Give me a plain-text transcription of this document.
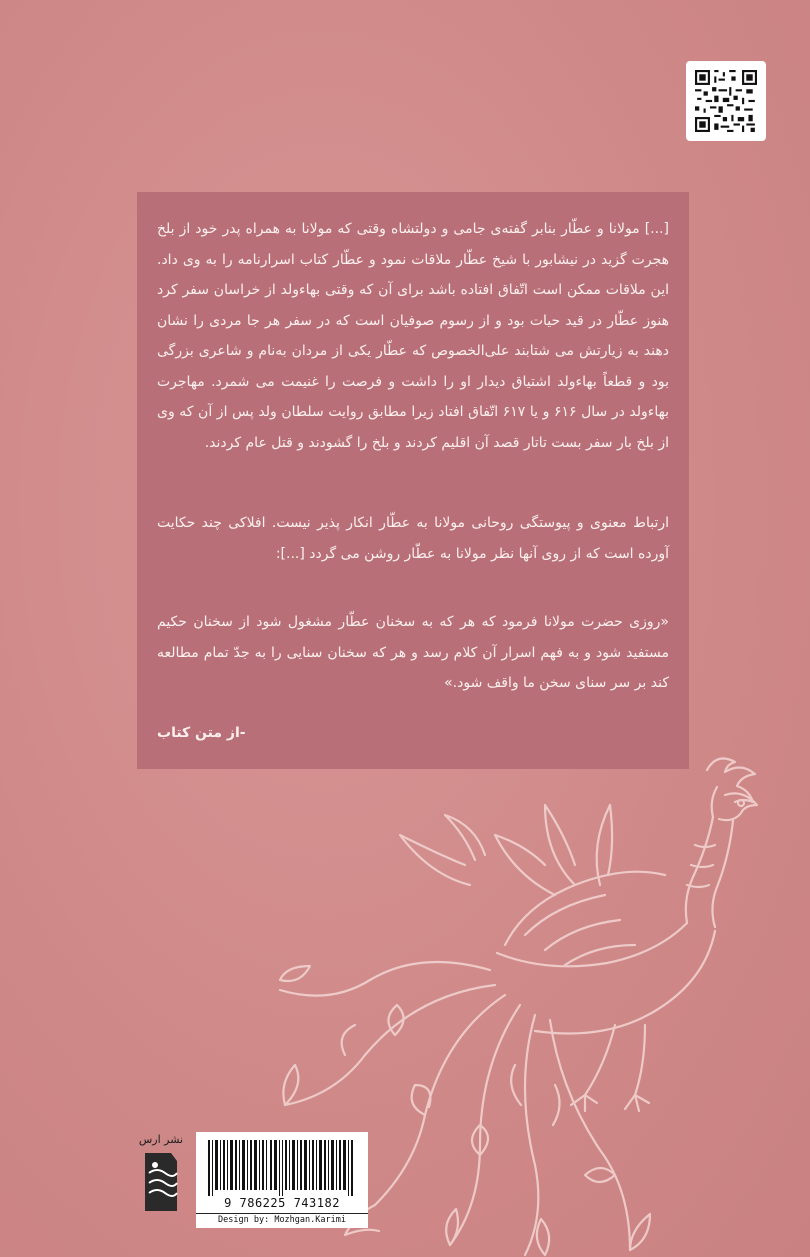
[...] مولانا و عطّار بنابر گفته‌ی جامی و دولتشاه وقتی که مولانا به همراه پدر خود از بلخ هجرت گزید در نیشابور با شیخ عطّار ملاقات نمود و عطّار کتاب اسرارنامه را به وی داد. این ملاقات ممکن است اتّفاق افتاده باشد برای آن که وقتی بهاءولد از خراسان سفر کرد هنوز عطّار در قید حیات بود و از رسوم صوفیان است که در سفر هر جا مردی را نشان دهند به زیارتش می شتابند علی‌الخصوص که عطّار یکی از مردان به‌نام و شاعری بزرگی بود و قطعاً بهاءولد اشتیاق دیدار او را داشت و فرصت را غنیمت می شمرد. مهاجرت بهاءولد در سال ۶۱۶ و یا ۶۱۷ اتّفاق افتاد زیرا مطابق روایت سلطان ولد پس از آن که وی از بلخ بار سفر بست تاتار قصد آن اقلیم کردند و بلخ را گشودند و قتل عام کردند.
ارتباط معنوی و پیوستگی روحانی مولانا به عطّار انکار پذیر نیست. افلاکی چند حکایت آورده است که از روی آنها نظر مولانا به عطّار روشن می گردد [...]:
«روزی حضرت مولانا فرمود که هر که به سخنان عطّار مشغول شود از سخنان حکیم مستفید شود و به فهم اسرار آن کلام رسد و هر که سخنان سنایی را به جدّ تمام مطالعه کند بر سر سنای سخن ما واقف شود.»
-از متن کتاب
نشر ارس
9 786225 743182
Design by: Mozhgan.Karimi
